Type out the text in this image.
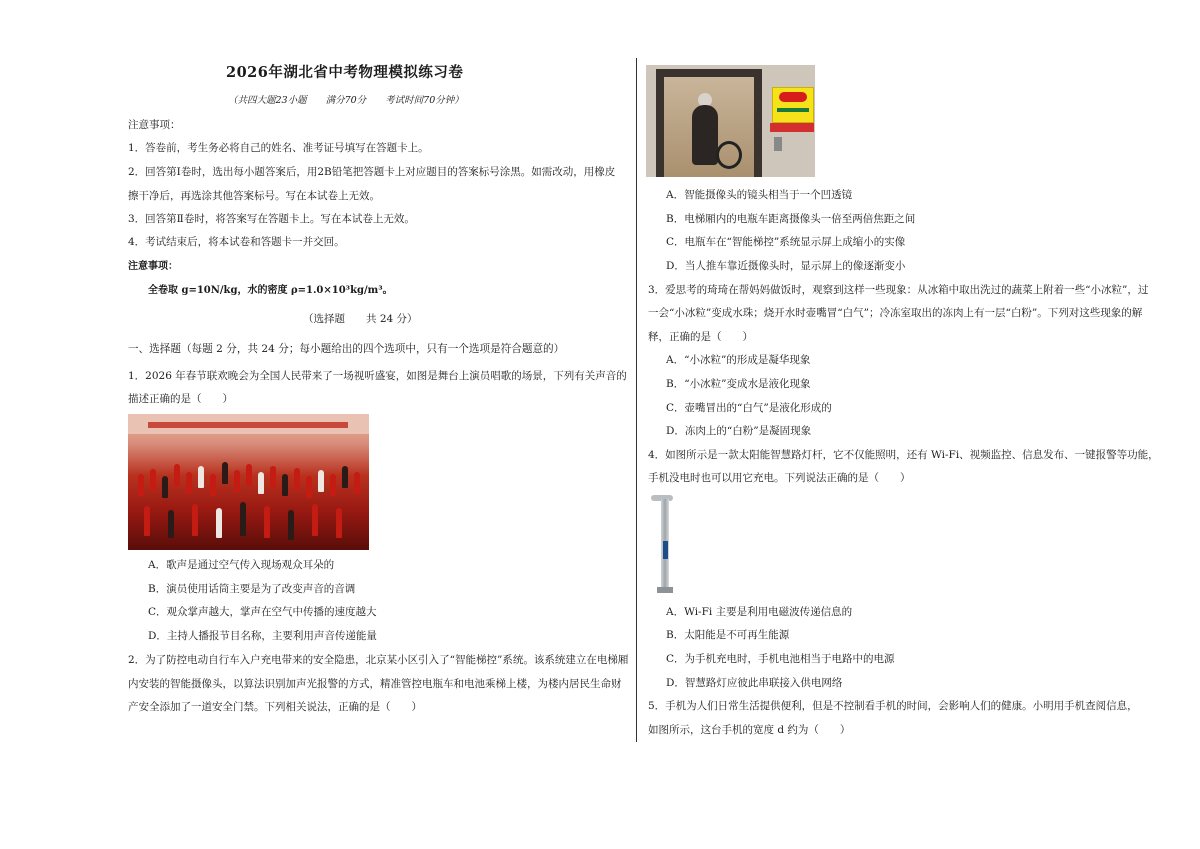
2026年湖北省中考物理模拟练习卷
（共四大题23小题　　满分70分　　考试时间70分钟）
注意事项：
1．答卷前，考生务必将自己的姓名、准考证号填写在答题卡上。
2．回答第Ⅰ卷时，选出每小题答案后，用2B铅笔把答题卡上对应题目的答案标号涂黑。如需改动，用橡皮
擦干净后，再选涂其他答案标号。写在本试卷上无效。
3．回答第Ⅱ卷时，将答案写在答题卡上。写在本试卷上无效。
4．考试结束后，将本试卷和答题卡一并交回。
注意事项：
全卷取 g=10N/kg，水的密度 ρ=1.0×10³kg/m³。
（选择题　　共 24 分）
一、选择题（每题 2 分，共 24 分；每小题给出的四个选项中，只有一个选项是符合题意的）
1．2026 年春节联欢晚会为全国人民带来了一场视听盛宴，如图是舞台上演员唱歌的场景，下列有关声音的
描述正确的是（　　）
A．歌声是通过空气传入现场观众耳朵的
B．演员使用话筒主要是为了改变声音的音调
C．观众掌声越大，掌声在空气中传播的速度越大
D．主持人播报节目名称，主要利用声音传递能量
2．为了防控电动自行车入户充电带来的安全隐患，北京某小区引入了“智能梯控”系统。该系统建立在电梯厢
内安装的智能摄像头，以算法识别加声光报警的方式，精准管控电瓶车和电池乘梯上楼，为楼内居民生命财
产安全添加了一道安全门禁。下列相关说法，正确的是（　　）
A．智能摄像头的镜头相当于一个凹透镜
B．电梯厢内的电瓶车距离摄像头一倍至两倍焦距之间
C．电瓶车在“智能梯控”系统显示屏上成缩小的实像
D．当人推车靠近摄像头时，显示屏上的像逐渐变小
3．爱思考的琦琦在帮妈妈做饭时，观察到这样一些现象：从冰箱中取出洗过的蔬菜上附着一些“小冰粒”，过
一会“小冰粒”变成水珠；烧开水时壶嘴冒“白气”；冷冻室取出的冻肉上有一层“白粉”。下列对这些现象的解
释，正确的是（　　）
A．“小冰粒”的形成是凝华现象
B．“小冰粒”变成水是液化现象
C．壶嘴冒出的“白气”是液化形成的
D．冻肉上的“白粉”是凝固现象
4．如图所示是一款太阳能智慧路灯杆，它不仅能照明，还有 Wi-Fi、视频监控、信息发布、一键报警等功能，
手机没电时也可以用它充电。下列说法正确的是（　　）
A．Wi-Fi 主要是利用电磁波传递信息的
B．太阳能是不可再生能源
C．为手机充电时，手机电池相当于电路中的电源
D．智慧路灯应彼此串联接入供电网络
5．手机为人们日常生活提供便利，但是不控制看手机的时间，会影响人们的健康。小明用手机查阅信息，
如图所示，这台手机的宽度 d 约为（　　）
